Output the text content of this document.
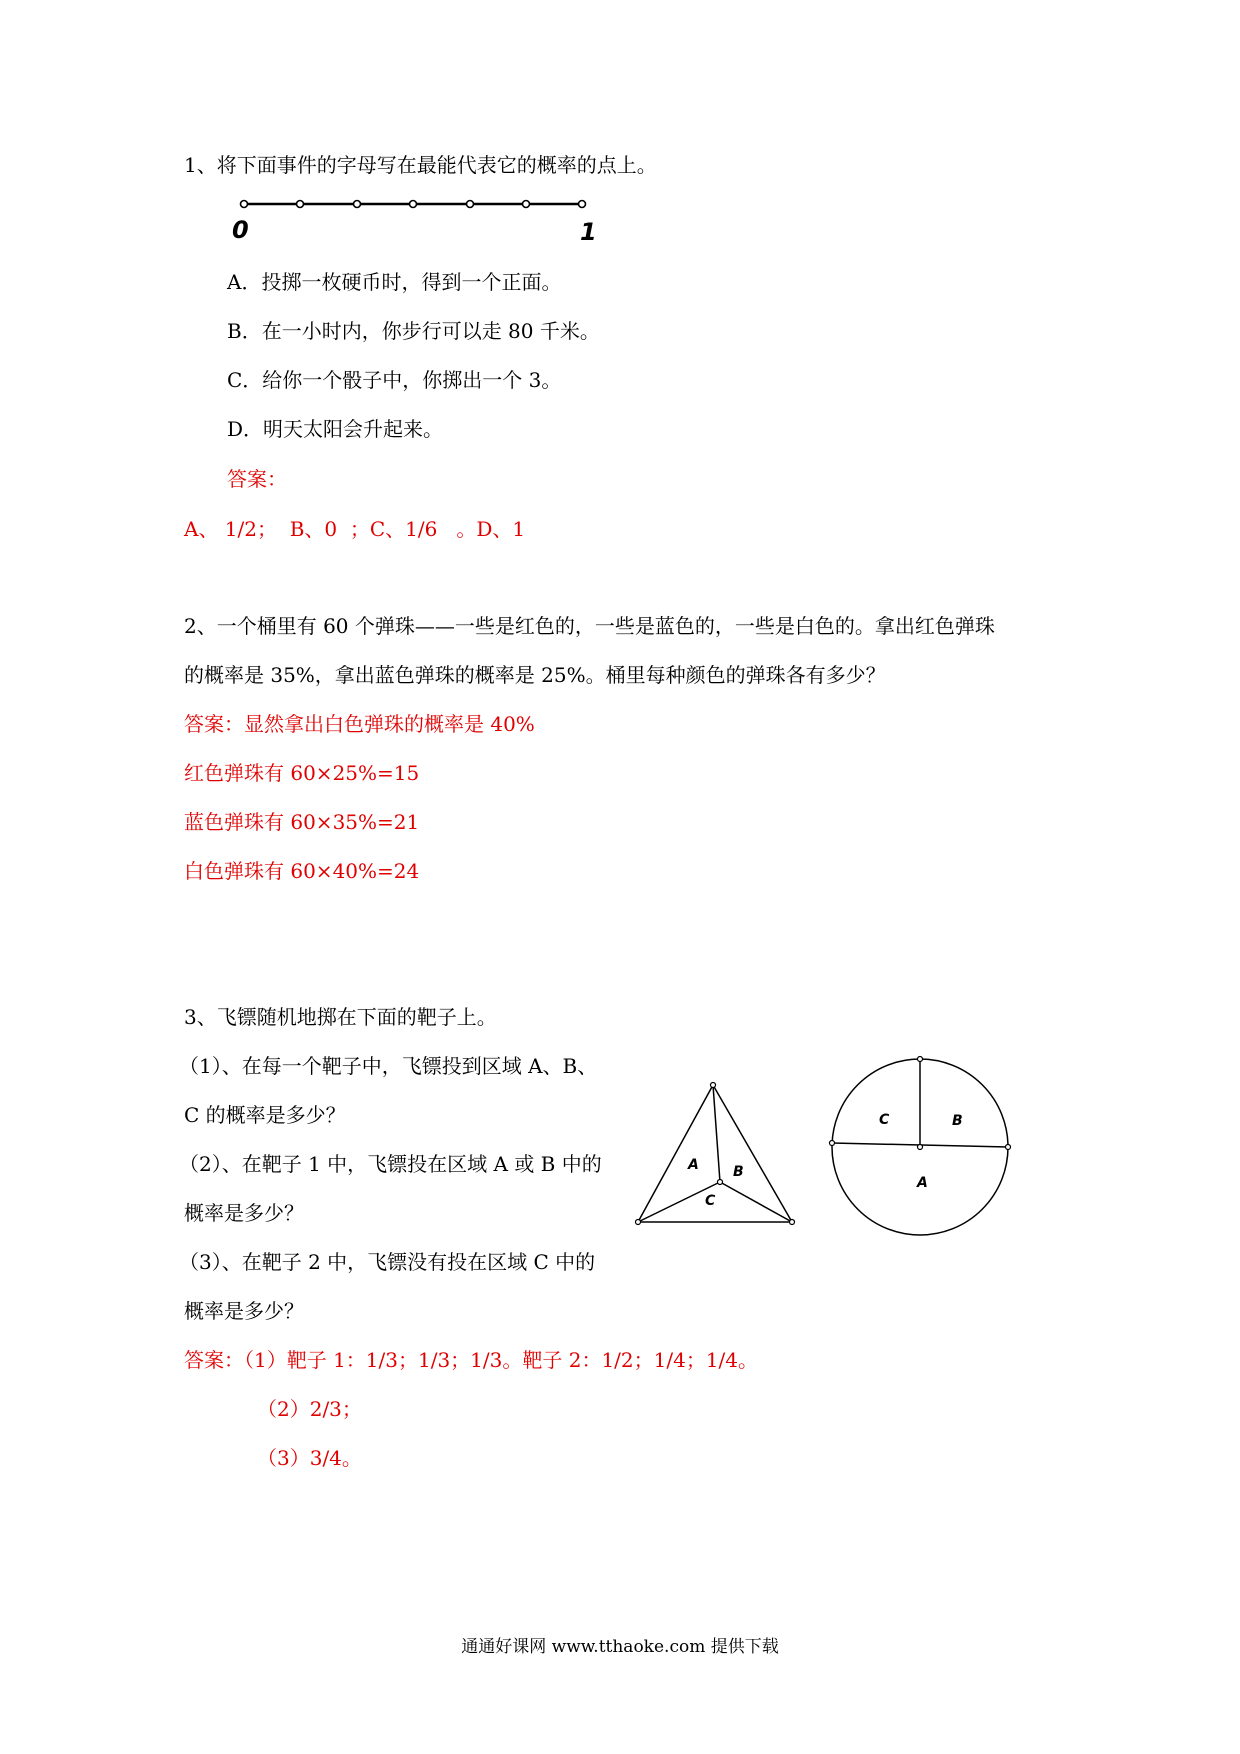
1、将下面事件的字母写在最能代表它的概率的点上。
0	1
A．投掷一枚硬币时，得到一个正面。
B．在一小时内，你步行可以走 80 千米。
C．给你一个骰子中，你掷出一个 3。
D．明天太阳会升起来。
答案：
A、 1/2；  B、0  ；C、1/6   。D、1
2、一个桶里有 60 个弹珠——一些是红色的，一些是蓝色的，一些是白色的。拿出红色弹珠
的概率是 35%，拿出蓝色弹珠的概率是 25%。桶里每种颜色的弹珠各有多少？
答案：显然拿出白色弹珠的概率是 40%
红色弹珠有 60×25%=15
蓝色弹珠有 60×35%=21
白色弹珠有 60×40%=24
3、飞镖随机地掷在下面的靶子上。
（1）、在每一个靶子中，飞镖投到区域 A、B、
C 的概率是多少？
（2）、在靶子 1 中，飞镖投在区域 A 或 B 中的
概率是多少？
（3）、在靶子 2 中，飞镖没有投在区域 C 中的
概率是多少？
A B
C
C	B
A
答案：（1）靶子 1：1/3；1/3；1/3。靶子 2：1/2；1/4；1/4。
（2）2/3；
（3）3/4。
通通好课网 www.tthaoke.com 提供下载
